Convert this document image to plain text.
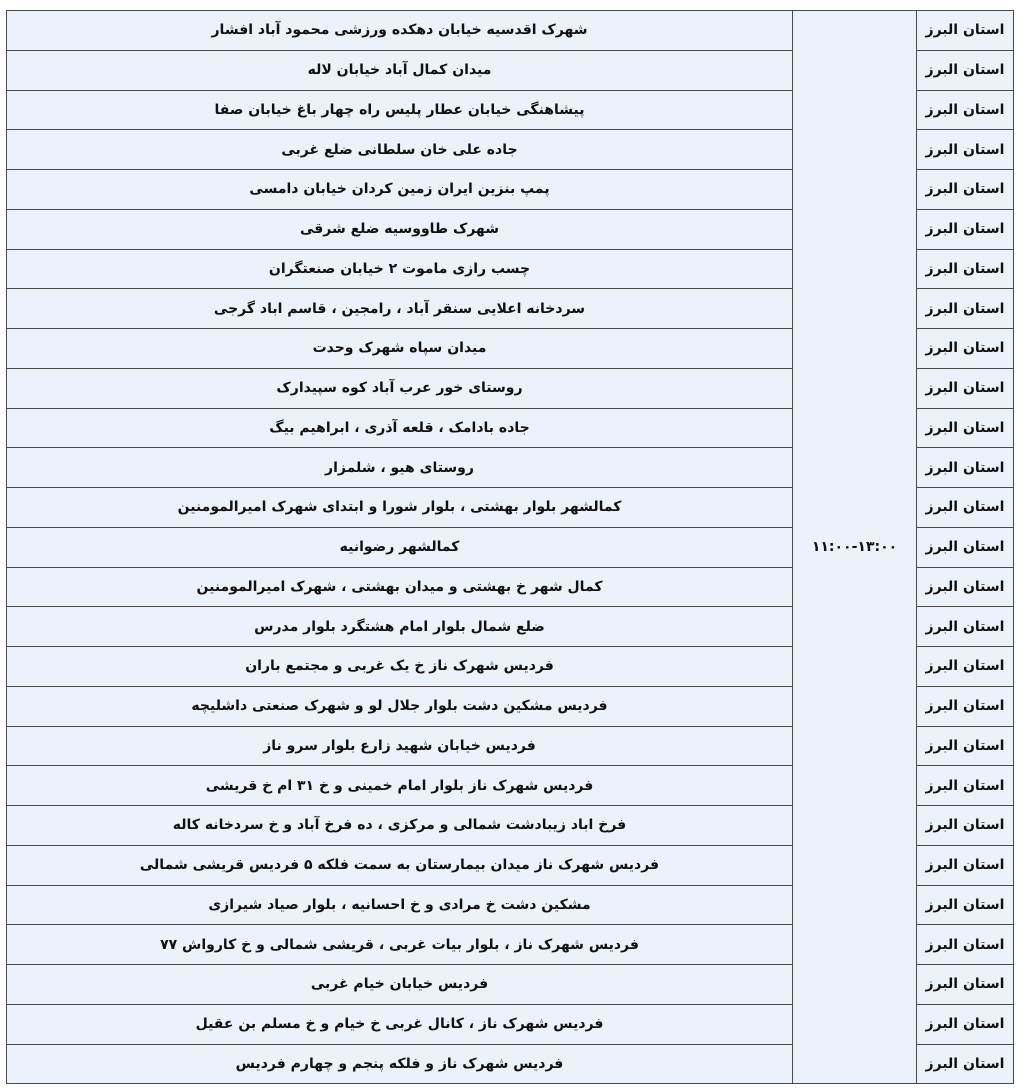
استان البرز	۱۱:۰۰-۱۳:۰۰	شهرک اقدسیه خیابان دهکده ورزشی محمود آباد افشار
استان البرز		میدان کمال آباد خیابان لاله
استان البرز		پیشاهنگی خیابان عطار پلیس راه چهار باغ خیابان صفا
استان البرز		جاده علی خان سلطانی ضلع غربی
استان البرز		پمپ بنزین ایران زمین کردان خیابان دامسی
استان البرز		شهرک طاووسیه ضلع شرقی
استان البرز		چسب رازی ماموت ۲ خیابان صنعتگران
استان البرز		سردخانه اعلایی سنقر آباد ، رامجین ، قاسم اباد گرجی
استان البرز		میدان سپاه شهرک وحدت
استان البرز		روستای خور عرب آباد کوه سپیدارک
استان البرز		جاده بادامک ، قلعه آذری ، ابراهیم بیگ
استان البرز		روستای هیو ، شلمزار
استان البرز		کمالشهر بلوار بهشتی ، بلوار شورا و ابتدای شهرک امیرالمومنین
استان البرز		کمالشهر رضوانیه
استان البرز		کمال شهر خ بهشتی و میدان بهشتی ، شهرک امیرالمومنین
استان البرز		ضلع شمال بلوار امام هشتگرد بلوار مدرس
استان البرز		فردیس شهرک ناز خ یک غربی و مجتمع باران
استان البرز		فردیس مشکین دشت بلوار جلال لو و شهرک صنعتی داشلیچه
استان البرز		فردیس خیابان شهید زارع بلوار سرو ناز
استان البرز		فردیس شهرک ناز بلوار امام خمینی و خ ۳۱ ام خ قریشی
استان البرز		فرخ اباد زیبادشت شمالی و مرکزی ، ده فرخ آباد و خ سردخانه کاله
استان البرز		فردیس شهرک ناز میدان بیمارستان به سمت فلکه ۵ فردیس قریشی شمالی
استان البرز		مشکین دشت خ مرادی و خ احسانیه ، بلوار صیاد شیرازی
استان البرز		فردیس شهرک ناز ، بلوار بیات غربی ، قریشی شمالی و خ کارواش ۷۷
استان البرز		فردیس خیابان خیام غربی
استان البرز		فردیس شهرک ناز ، کانال غربی خ خیام و خ مسلم بن عقیل
استان البرز		فردیس شهرک ناز و فلکه پنجم و چهارم فردیس
